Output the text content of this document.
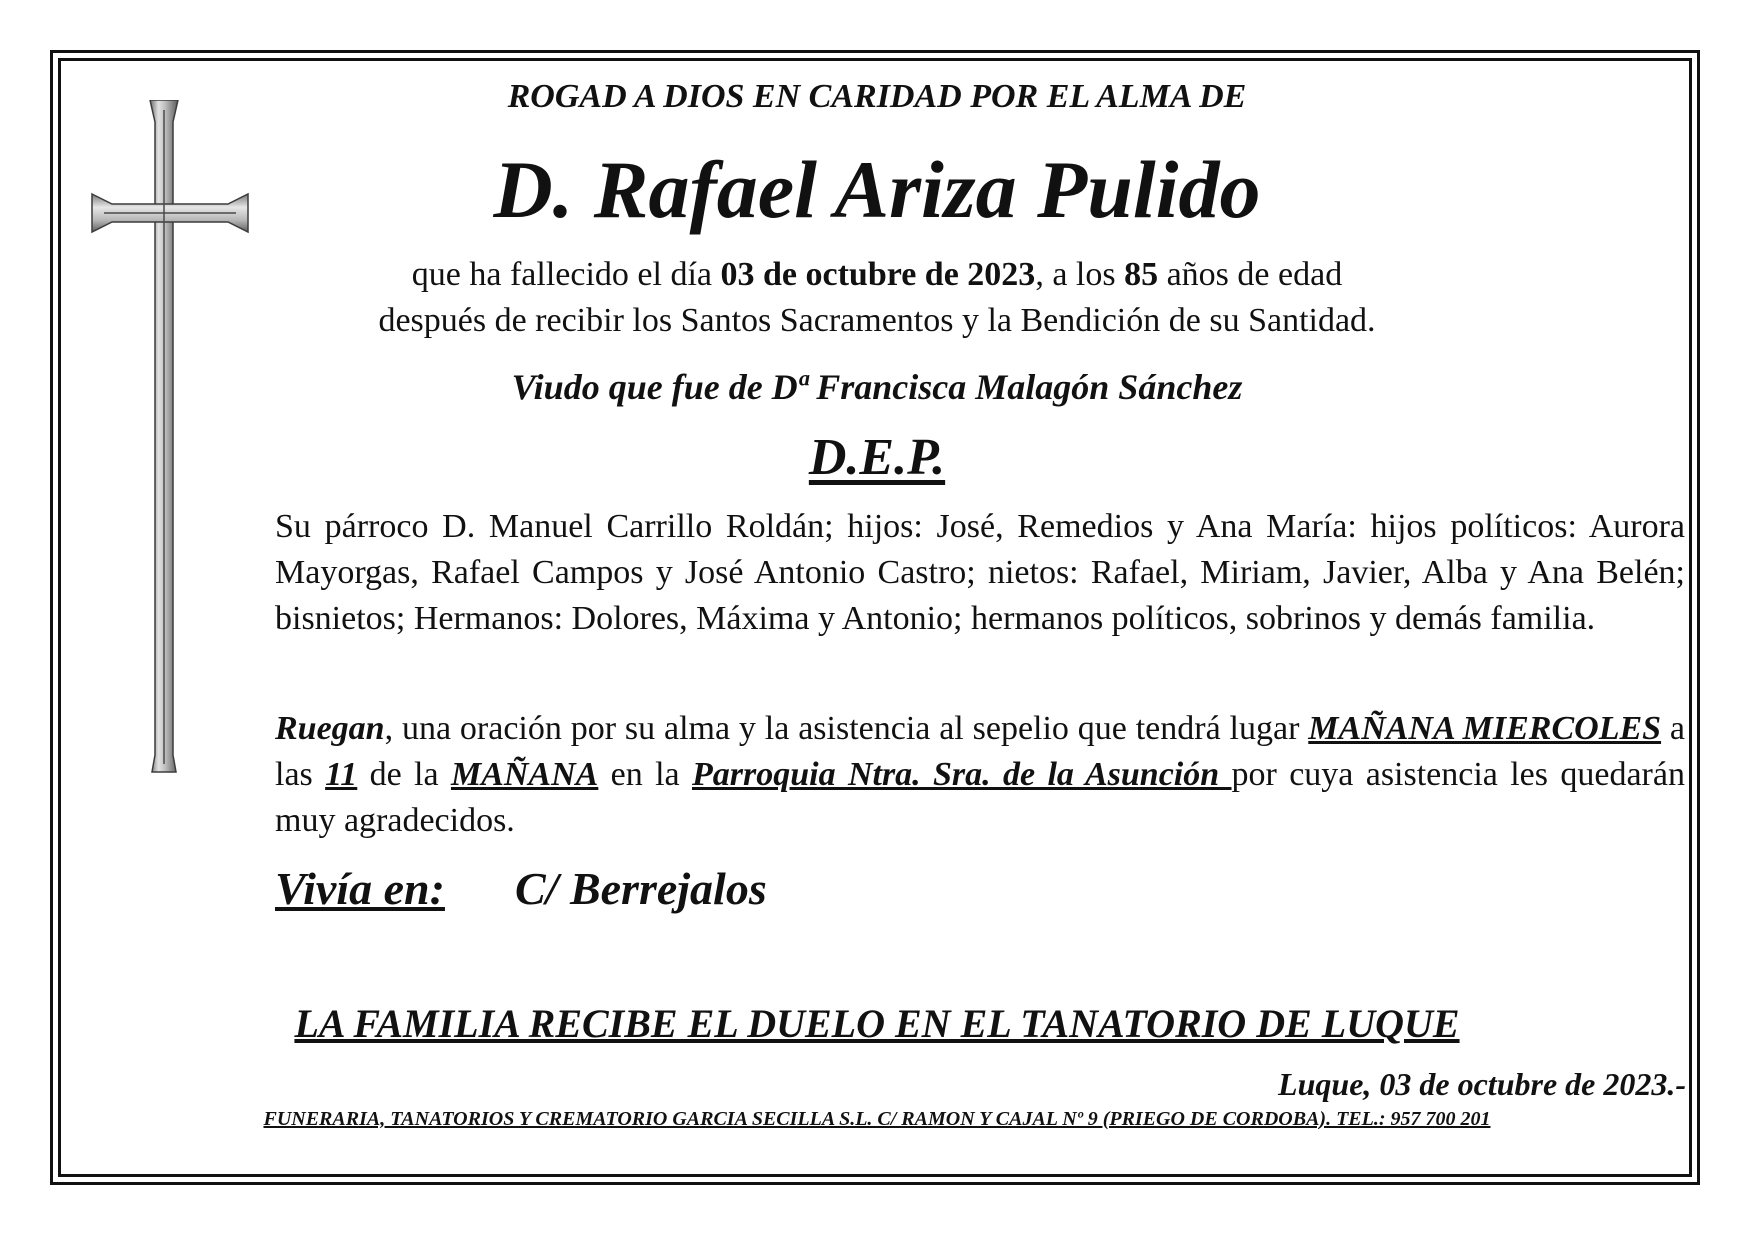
ROGAD A DIOS EN CARIDAD POR EL ALMA DE
D. Rafael Ariza Pulido
que ha fallecido el día 03 de octubre de 2023, a los 85 años de edad
después de recibir los Santos Sacramentos y la Bendición de su Santidad.
Viudo que fue de Dª Francisca Malagón Sánchez
D.E.P.
Su párroco D. Manuel Carrillo Roldán; hijos: José, Remedios y Ana María: hijos políticos: Aurora Mayorgas, Rafael Campos y José Antonio Castro; nietos: Rafael, Miriam, Javier, Alba y Ana Belén; bisnietos; Hermanos: Dolores, Máxima y Antonio; hermanos políticos, sobrinos y demás familia.
Ruegan, una oración por su alma y la asistencia al sepelio que tendrá lugar MAÑANA MIERCOLES a las 11 de la MAÑANA en la Parroquia Ntra. Sra. de la Asunción por cuya asistencia les quedarán muy agradecidos.
Vivía en: C/ Berrejalos
LA FAMILIA RECIBE EL DUELO EN EL TANATORIO DE LUQUE
Luque, 03 de octubre de 2023.-
FUNERARIA, TANATORIOS Y CREMATORIO GARCIA SECILLA S.L. C/ RAMON Y CAJAL Nº 9 (PRIEGO DE CORDOBA). TEL.: 957 700 201
